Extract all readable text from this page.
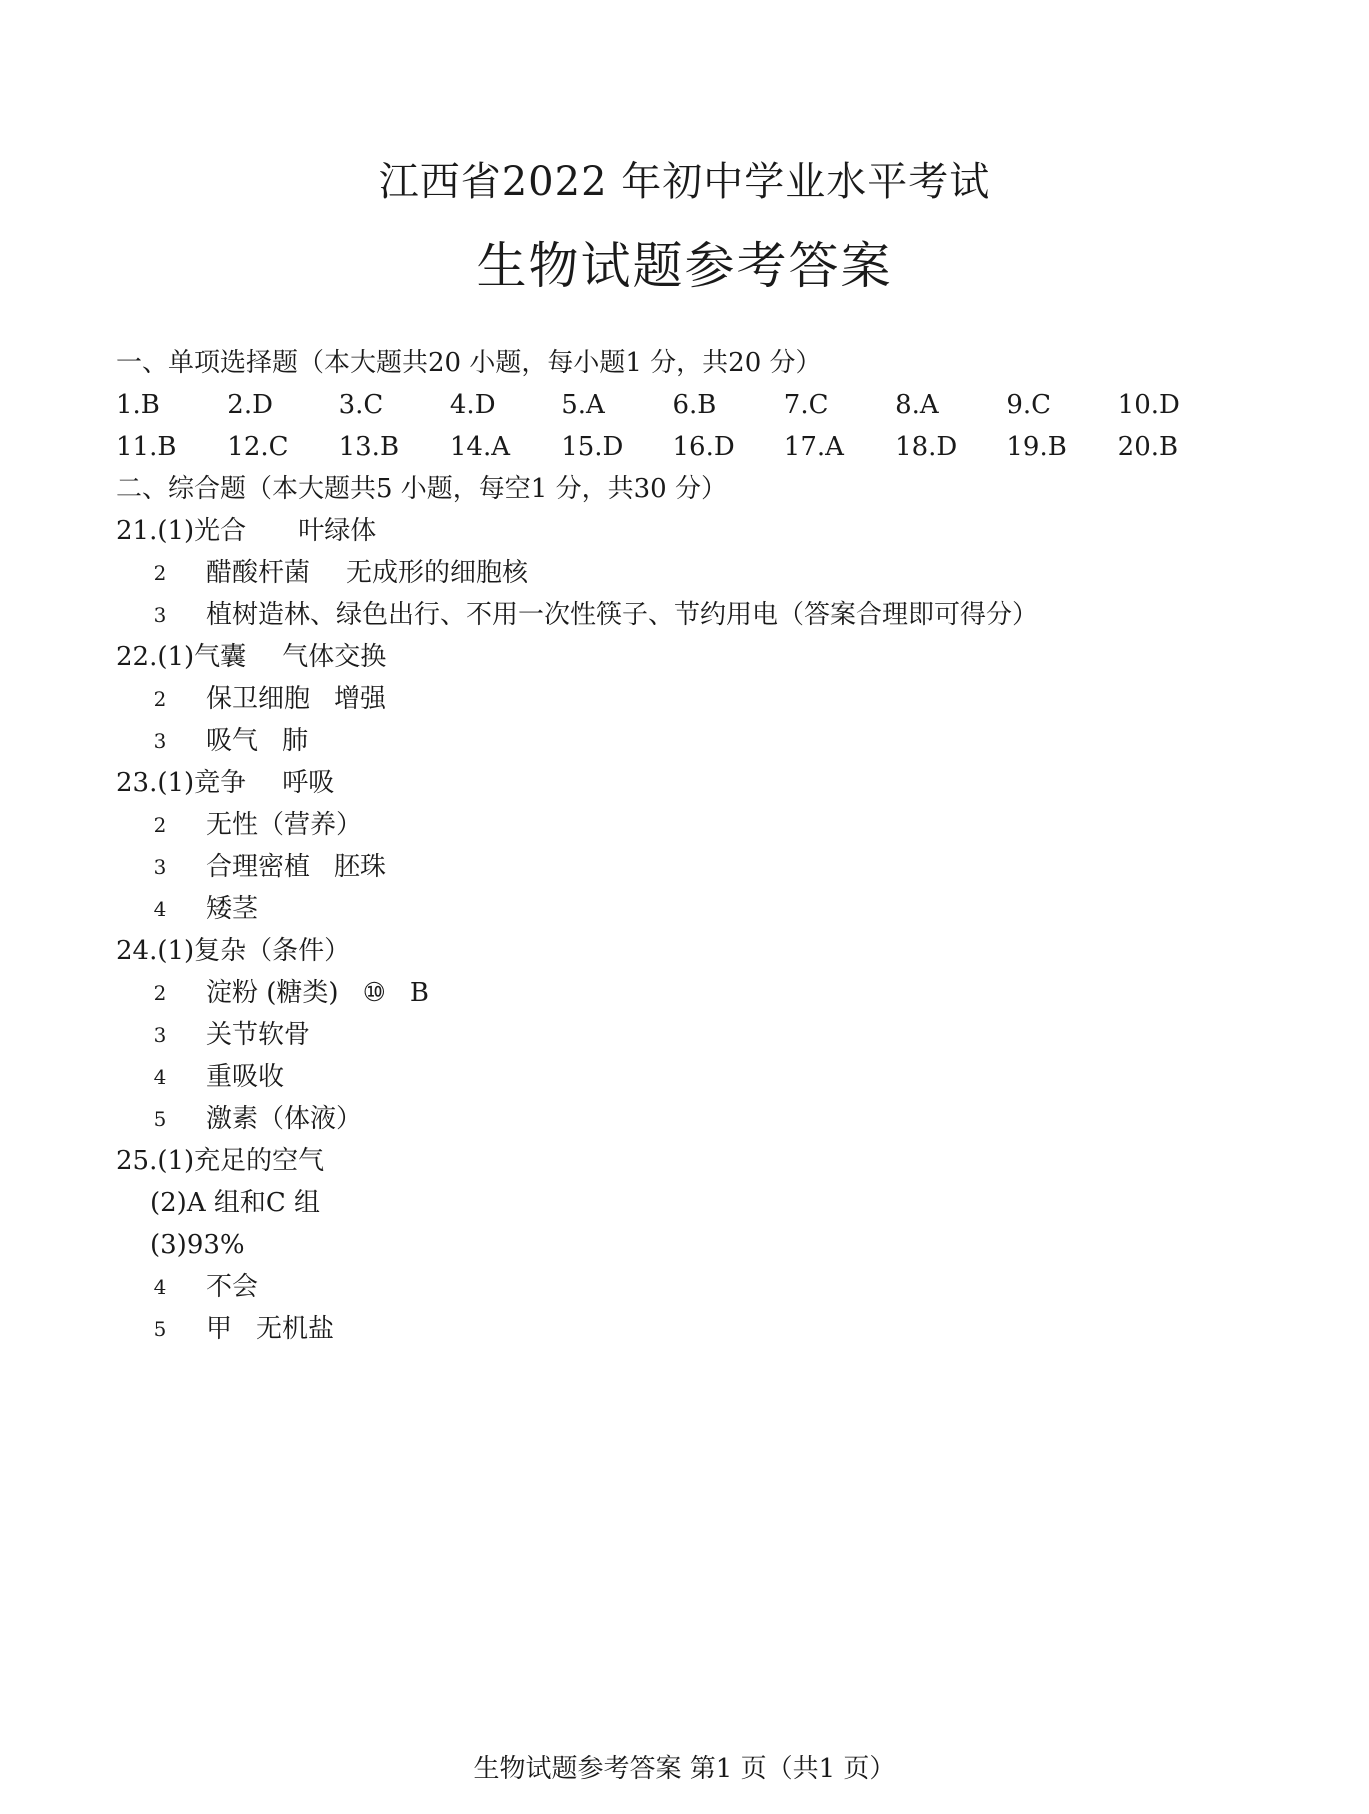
江西省2022 年初中学业水平考试
生物试题参考答案
一、单项选择题（本大题共20 小题，每小题1 分，共20 分）
1.B	2.D	3.C	4.D	5.A	6.B	7.C	8.A	9.C	10.D
11.B	12.C	13.B	14.A	15.D	16.D	17.A	18.D	19.B	20.B
二、综合题（本大题共5 小题，每空1 分，共30 分）
21.(1)光合 叶绿体
2 醋酸杆菌 无成形的细胞核
3 植树造林、绿色出行、不用一次性筷子、节约用电（答案合理即可得分）
22.(1)气囊 气体交换
2 保卫细胞 增强
3 吸气 肺
23.(1)竞争 呼吸
2 无性（营养）
3 合理密植 胚珠
4 矮茎
24.(1)复杂（条件）
2 淀粉 (糖类) ⑩ B
3 关节软骨
4 重吸收
5 激素（体液）
25.(1)充足的空气
(2)A 组和C 组
(3)93%
4 不会
5 甲 无机盐
生物试题参考答案 第1 页（共1 页）
